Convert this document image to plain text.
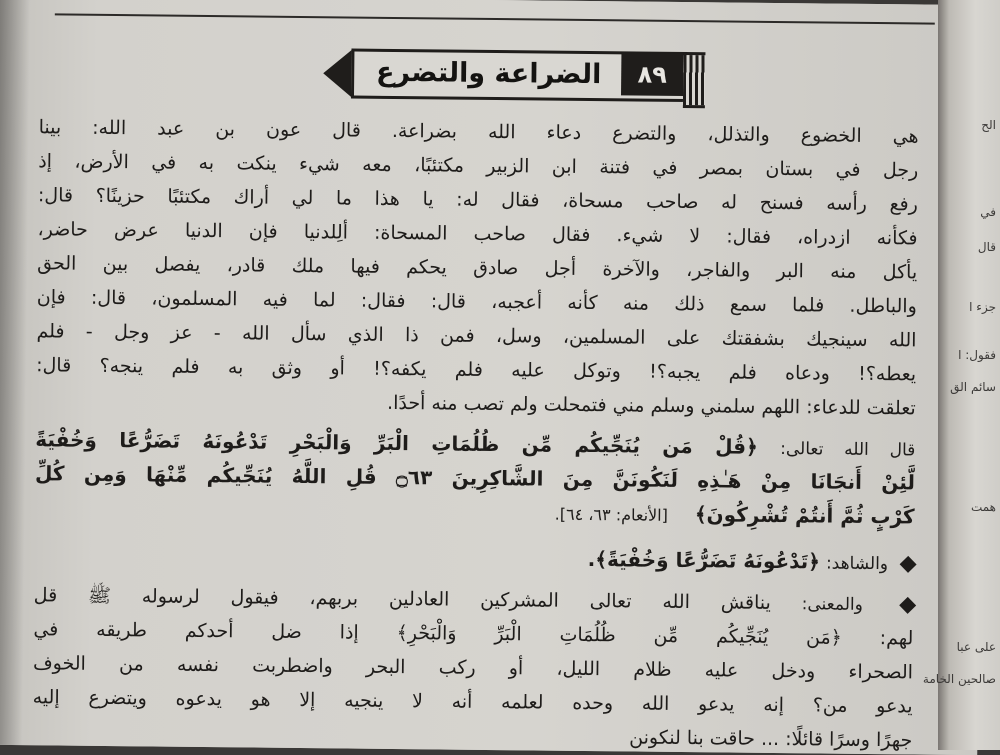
الضراعة والتضرع	٨٩
هي الخضوع والتذلل، والتضرع دعاء الله بضراعة. قال عون بن عبد الله: بينا
رجل في بستان بمصر في فتنة ابن الزبير مكتئبًا، معه شيء ينكت به في الأرض، إذ
رفع رأسه فسنح له صاحب مسحاة، فقال له: يا هذا ما لي أراك مكتئبًا حزينًا؟ قال:
فكأنه ازدراه، فقال: لا شيء. فقال صاحب المسحاة: ألِلدنيا فإن الدنيا عرض حاضر،
يأكل منه البر والفاجر، والآخرة أجل صادق يحكم فيها ملك قادر، يفصل بين الحق
والباطل. فلما سمع ذلك منه كأنه أعجبه، قال: فقال: لما فيه المسلمون، قال: فإن
الله سينجيك بشفقتك على المسلمين، وسل، فمن ذا الذي سأل الله - عز وجل - فلم
يعطه؟! ودعاه فلم يجبه؟! وتوكل عليه فلم يكفه؟! أو وثق به فلم ينجه؟ قال:
تعلقت للدعاء: اللهم سلمني وسلم مني فتمحلت ولم تصب منه أحدًا.
قال الله تعالى: ﴿قُلْ مَن يُنَجِّيكُم مِّن ظُلُمَاتِ الْبَرِّ وَالْبَحْرِ تَدْعُونَهُ تَضَرُّعًا وَخُفْيَةً
لَّئِنْ أَنجَانَا مِنْ هَـٰذِهِ لَنَكُونَنَّ مِنَ الشَّاكِرِينَ ۝٦٣ قُلِ اللَّهُ يُنَجِّيكُم مِّنْهَا وَمِن كُلِّ
كَرْبٍ ثُمَّ أَنتُمْ تُشْرِكُونَ﴾ [الأنعام: ٦٣، ٦٤].
والشاهد: ﴿تَدْعُونَهُ تَضَرُّعًا وَخُفْيَةً﴾.
والمعنى: يناقش الله تعالى المشركين العادلين بربهم، فيقول لرسوله ﷺ قل
لهم: ﴿مَن يُنَجِّيكُم مِّن ظُلُمَاتِ الْبَرِّ وَالْبَحْرِ﴾ إذا ضل أحدكم طريقه في
الصحراء ودخل عليه ظلام الليل، أو ركب البحر واضطربت نفسه من الخوف
يدعو من؟ إنه يدعو الله وحده لعلمه أنه لا ينجيه إلا هو يدعوه ويتضرع إليه
جهرًا وسرًا قائلًا: ... حاقت بنا لنكونن
الح
في
قال
جزء ا
فقول: ا
سائم الق
همت
على عبا
صالحين الخامة
